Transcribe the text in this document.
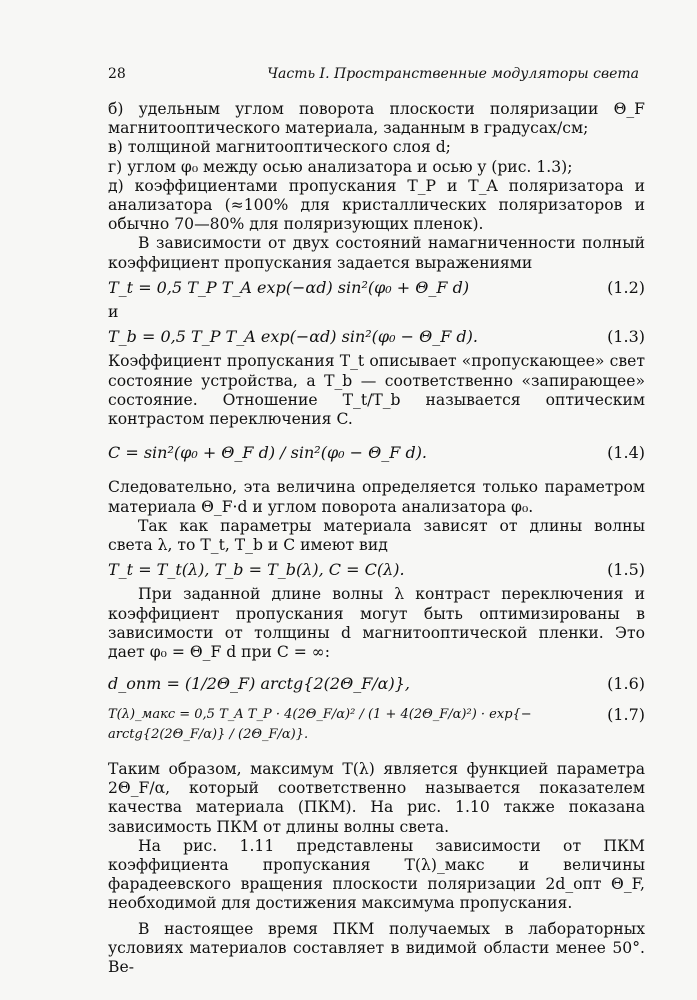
28	Часть I. Пространственные модуляторы света

б) удельным углом поворота плоскости поляризации Θ_F магнитооптического материала, заданным в градусах/см;

в) толщиной магнитооптического слоя d;

г) углом φ₀ между осью анализатора и осью y (рис. 1.3);

д) коэффициентами пропускания T_P и T_A поляризатора и анализатора (≈100% для кристаллических поляризаторов и обычно 70—80% для поляризующих пленок).

В зависимости от двух состояний намагниченности полный коэффициент пропускания задается выражениями

T_t = 0,5 T_P T_A exp(−αd) sin²(φ₀ + Θ_F d)	(1.2)

и

T_b = 0,5 T_P T_A exp(−αd) sin²(φ₀ − Θ_F d).	(1.3)

Коэффициент пропускания T_t описывает «пропускающее» свет состояние устройства, а T_b — соответственно «запирающее» состояние. Отношение T_t/T_b называется оптическим контрастом переключения C.

C = sin²(φ₀ + Θ_F d) / sin²(φ₀ − Θ_F d).	(1.4)

Следовательно, эта величина определяется только параметром материала Θ_F·d и углом поворота анализатора φ₀.

Так как параметры материала зависят от длины волны света λ, то T_t, T_b и C имеют вид

T_t = T_t(λ), T_b = T_b(λ), C = C(λ).	(1.5)

При заданной длине волны λ контраст переключения и коэффициент пропускания могут быть оптимизированы в зависимости от толщины d магнитооптической пленки. Это дает φ₀ = Θ_F d при C = ∞:

d_опт = (1/2Θ_F) arctg{2(2Θ_F/α)},	(1.6)
T(λ)_макс = 0,5 T_A T_P · 4(2Θ_F/α)² / (1 + 4(2Θ_F/α)²) · exp{− arctg{2(2Θ_F/α)} / (2Θ_F/α)}.
(1.7)

Таким образом, максимум T(λ) является функцией параметра 2Θ_F/α, который соответственно называется показателем качества материала (ПКМ). На рис. 1.10 также показана зависимость ПКМ от длины волны света.

На рис. 1.11 представлены зависимости от ПКМ коэффициента пропускания T(λ)_макс и величины фарадеевского вращения плоскости поляризации 2d_опт Θ_F, необходимой для достижения максимума пропускания.

В настоящее время ПКМ получаемых в лабораторных условиях материалов составляет в видимой области менее 50°. Ве-
